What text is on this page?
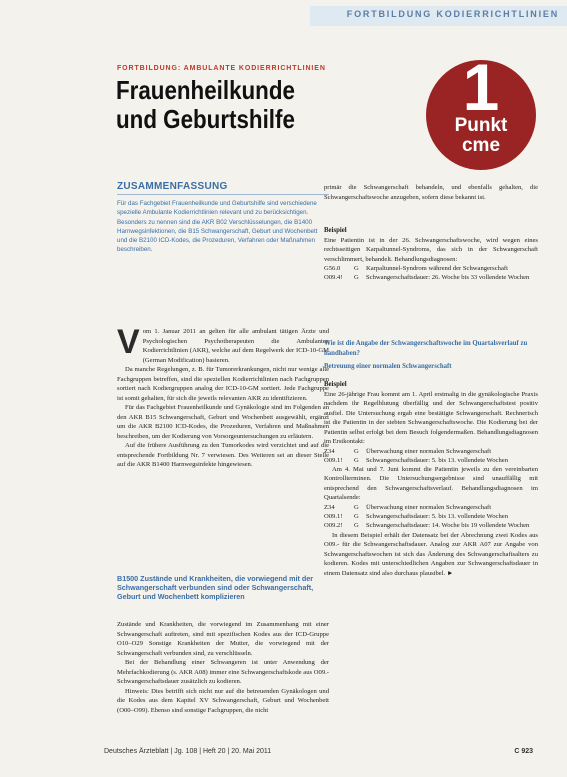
FORTBILDUNG KODIERRICHTLINIEN
FORTBILDUNG: AMBULANTE KODIERRICHTLINIEN
Frauenheilkunde
und Geburtshilfe	1
Punkt
cme
ZUSAMMENFASSUNG
Für das Fachgebiet Frauenheilkunde und Geburtshilfe sind verschiedene spezielle Ambulante Kodierrichtlinien relevant und zu berücksichtigen. Besonders zu nennen sind die AKR B02 Verschlüsselungen, die B1400 Harnwegsinfektionen, die B15 Schwangerschaft, Geburt und Wochenbett und die B2100 ICD-Kodes, die Prozeduren, Verfahren oder Maßnahmen beschreiben.
V om 1. Januar 2011 an gelten für alle ambulant tätigen Ärzte und Psychologischen Psychotherapeuten die Ambulanten Kodierrichtlinien (AKR), welche auf dem Regelwerk der ICD-10-GM (German Modification) basieren.

Da manche Regelungen, z. B. für Tumorerkrankungen, nicht nur wenige alle Fachgruppen betreffen, sind die speziellen Kodierrichtlinien nach Fachgruppen sortiert nach Kodiergruppen analog der ICD-10-GM sortiert. Jede Fachgruppe ist somit gehalten, für sich die jeweils relevanten AKR zu identifizieren.

Für das Fachgebiet Frauenheilkunde und Gynäkologie sind im Folgenden an den AKR B15 Schwangerschaft, Geburt und Wochenbett ausgewählt, ergänzt um die AKR B2100 ICD-Kodes, die Prozeduren, Verfahren und Maßnahmen beschreiben, um der Kodierung von Vorsorgeuntersuchungen zu erläutern.

Auf die frühere Ausführung zu den Tumorkodes wird verzichtet und auf die entsprechende Fortbildung Nr. 7 verwiesen. Des Weiteren sei an dieser Stelle auf die AKR B1400 Harnwegsinfekte hingewiesen.

B1500 Zustände und Krankheiten, die vorwiegend mit der Schwangerschaft verbunden sind oder Schwangerschaft, Geburt und Wochenbett komplizieren

Zustände und Krankheiten, die vorwiegend im Zusammenhang mit einer Schwangerschaft auftreten, sind mit spezifischen Kodes aus der ICD-Gruppe O10–O29 Sonstige Krankheiten der Mutter, die vorwiegend mit der Schwangerschaft verbunden sind, zu verschlüsseln.

Bei der Behandlung einer Schwangeren ist unter Anwendung der Mehrfachkodierung (s. AKR A08) immer eine Schwangerschaftskode aus O09.- Schwangerschaftsdauer zusätzlich zu kodieren.

Hinweis: Dies betrifft sich nicht nur auf die betreuenden Gynäkologen und die Kodes aus dem Kapitel XV Schwangerschaft, Geburt und Wochenbett (O00–O99). Ebenso sind sonstige Fachgruppen, die nicht

primär die Schwangerschaft behandeln, und ebenfalls gehalten, die Schwangerschaftswoche anzugeben, sofern diese bekannt ist.

Beispiel

Eine Patientin ist in der 26. Schwangerschaftswoche, wird wegen eines rechtsseitigen Karpaltunnel-Syndroms, das sich in der Schwangerschaft verschlimmert, behandelt. Behandlungsdiagnosen:

G56.0	G	Karpaltunnel-Syndrom während der Schwangerschaft
O09.4!	G	Schwangerschaftsdauer: 26. Woche bis 33 vollendete Wochen

Wie ist die Angabe der Schwangerschaftswoche im Quartalsverlauf zu handhaben?

Betreuung einer normalen Schwangerschaft

Beispiel

Eine 26-jährige Frau kommt am 1. April erstmalig in die gynäkologische Praxis nachdem ihr Regelblutung überfällig und der Schwangerschaftstest positiv ausfiel. Die Untersuchung ergab eine bestätigte Schwangerschaft. Rechnerisch ist die Patientin in der siebten Schwangerschaftswoche. Die Kodierung bei der Patientin selbst erfolgt bei dem Besuch folgendermaßen. Behandlungsdiagnosen im Erstkontakt:

Z34	G	Überwachung einer normalen Schwangerschaft
O09.1!	G	Schwangerschaftsdauer: 5. bis 13. vollendete Wochen

Am 4. Mai und 7. Juni kommt die Patientin jeweils zu den vereinbarten Kontrollterminen. Die Untersuchungsergebnisse sind unauffällig mit entsprechend den Schwangerschaftsverlauf. Behandlungsdiagnosen im Quartalsende:

Z34	G	Überwachung einer normalen Schwangerschaft
O09.1!	G	Schwangerschaftsdauer: 5. bis 13. vollendete Wochen
O09.2!	G	Schwangerschaftsdauer: 14. Woche bis 19 vollendete Wochen

In diesem Beispiel erhält der Datensatz bei der Abrechnung zwei Kodes aus O09.- für die Schwangerschaftsdauer. Analog zur AKR A07 zur Angabe von Schwangerschaftswochen ist sich das Änderung des Schwangerschaftsalters zu kodieren. Kodes mit unterschiedlichen Angaben zur Schwangerschaftsdauer in einem Datensatz sind also durchaus plausibel. ►

Deutsches Ärzteblatt | Jg. 108 | Heft 20 | 20. Mai 2011	C 923
